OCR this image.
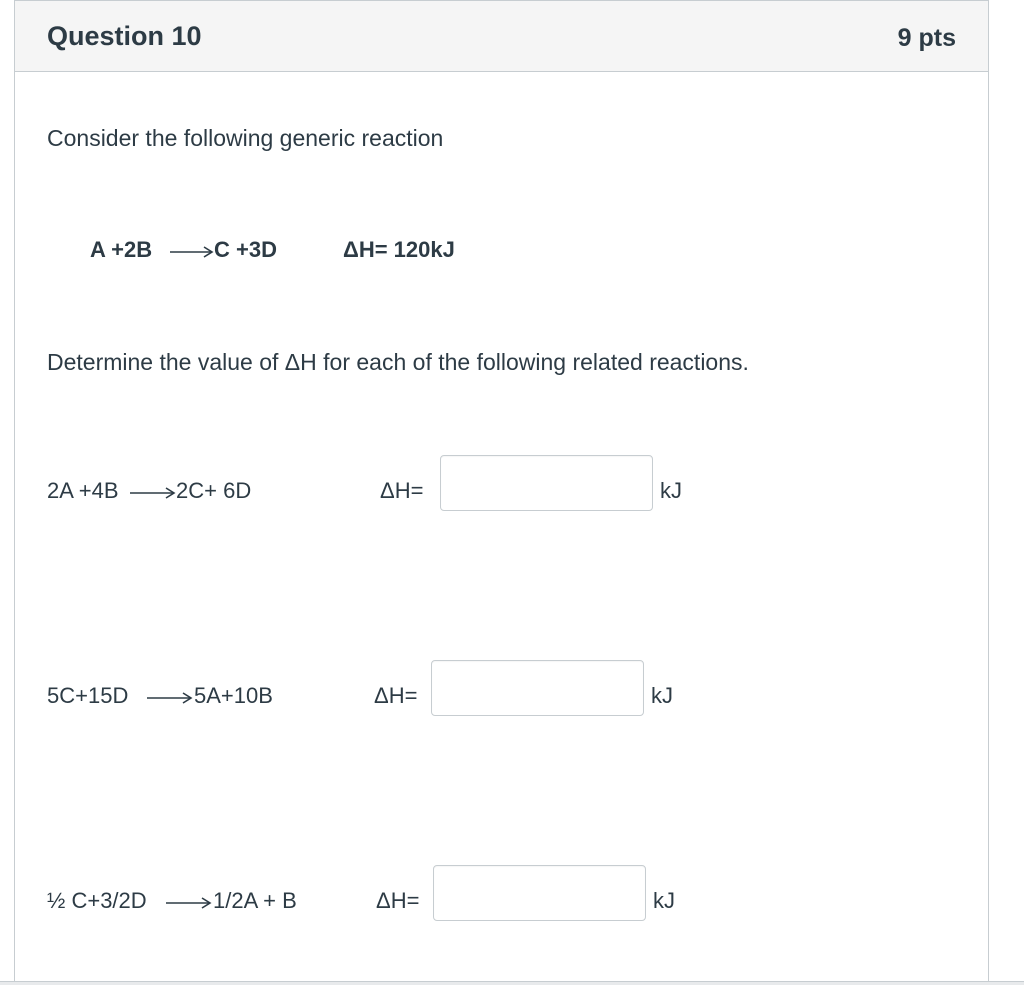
Question 10	9 pts
Consider the following generic reaction
A +2B → C +3D	ΔH= 120kJ
Determine the value of ΔH for each of the following related reactions.
2A +4B → 2C+ 6D	ΔH=	kJ
5C+15D → 5A+10B	ΔH=	kJ
½ C+3/2D → 1/2A + B	ΔH=	kJ
